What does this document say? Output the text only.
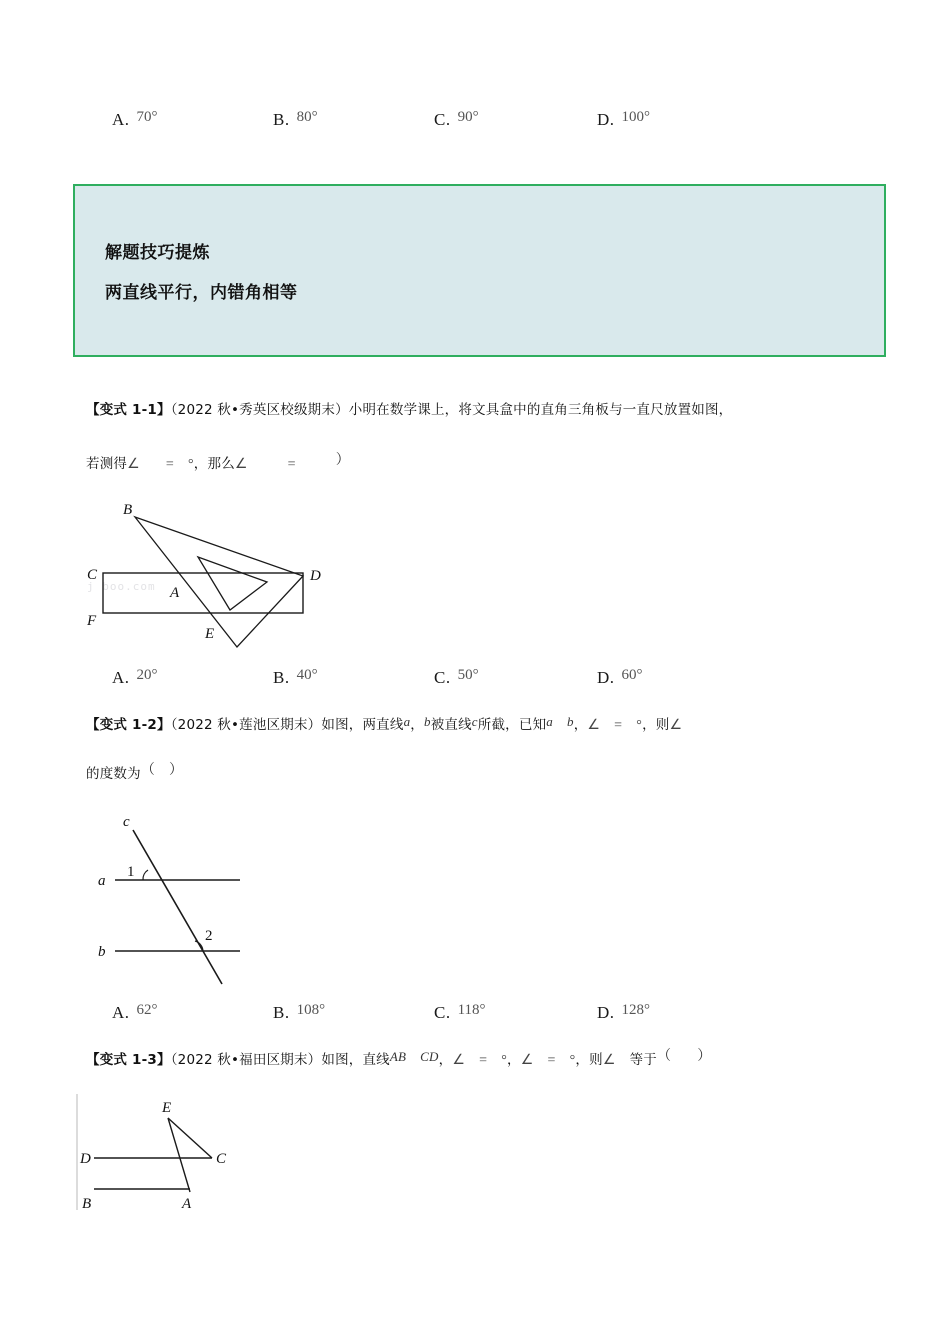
A. 70°	B. 80°	C. 90°	D. 100°
解题技巧提炼
两直线平行，内错角相等
【变式 1-1】（2022 秋•秀英区校级期末）小明在数学课上，将文具盒中的直角三角板与一直尺放置如图，
若测得∠ = °，那么∠	=	）
j boo.com
B
C
A
D
F
E
A. 20°	B. 40°	C. 50°	D. 60°
【变式 1-2】（2022 秋•莲池区期末）如图，两直线a，b被直线c所截，已知a b，∠ = °，则∠
的度数为（ ）
c
a
b
1
2
A. 62°	B. 108°	C. 118°	D. 128°
【变式 1-3】（2022 秋•福田区期末）如图，直线AB CD，∠ = °，∠ = °，则∠ 等于（ ）
E
D	C
B	A
